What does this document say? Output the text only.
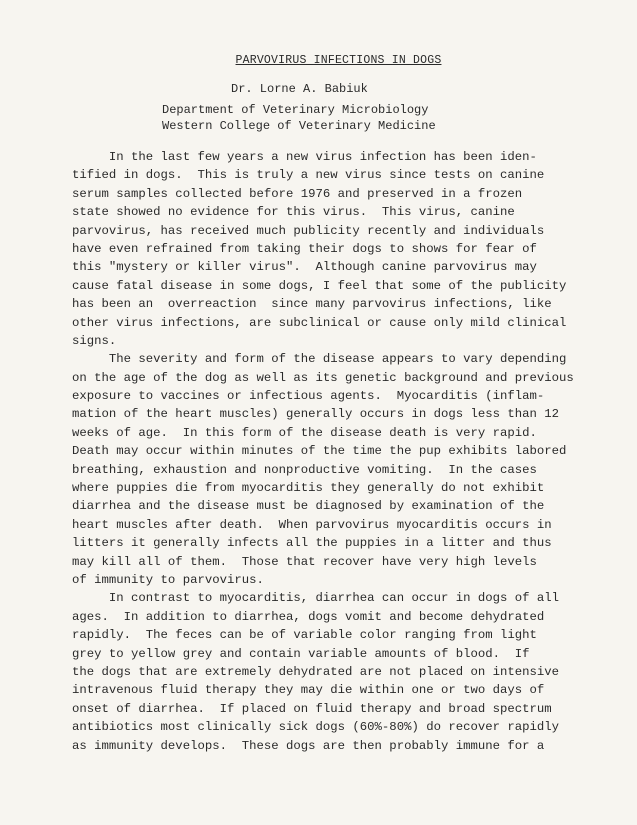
PARVOVIRUS INFECTIONS IN DOGS
Dr. Lorne A. Babiuk
Department of Veterinary Microbiology
Western College of Veterinary Medicine
In the last few years a new virus infection has been iden-
tified in dogs.  This is truly a new virus since tests on canine
serum samples collected before 1976 and preserved in a frozen
state showed no evidence for this virus.  This virus, canine
parvovirus, has received much publicity recently and individuals
have even refrained from taking their dogs to shows for fear of
this "mystery or killer virus".  Although canine parvovirus may
cause fatal disease in some dogs, I feel that some of the publicity
has been an  overreaction  since many parvovirus infections, like
other virus infections, are subclinical or cause only mild clinical
signs.
The severity and form of the disease appears to vary depending
on the age of the dog as well as its genetic background and previous
exposure to vaccines or infectious agents.  Myocarditis (inflam-
mation of the heart muscles) generally occurs in dogs less than 12
weeks of age.  In this form of the disease death is very rapid.
Death may occur within minutes of the time the pup exhibits labored
breathing, exhaustion and nonproductive vomiting.  In the cases
where puppies die from myocarditis they generally do not exhibit
diarrhea and the disease must be diagnosed by examination of the
heart muscles after death.  When parvovirus myocarditis occurs in
litters it generally infects all the puppies in a litter and thus
may kill all of them.  Those that recover have very high levels
of immunity to parvovirus.
In contrast to myocarditis, diarrhea can occur in dogs of all
ages.  In addition to diarrhea, dogs vomit and become dehydrated
rapidly.  The feces can be of variable color ranging from light
grey to yellow grey and contain variable amounts of blood.  If
the dogs that are extremely dehydrated are not placed on intensive
intravenous fluid therapy they may die within one or two days of
onset of diarrhea.  If placed on fluid therapy and broad spectrum
antibiotics most clinically sick dogs (60%-80%) do recover rapidly
as immunity develops.  These dogs are then probably immune for a
